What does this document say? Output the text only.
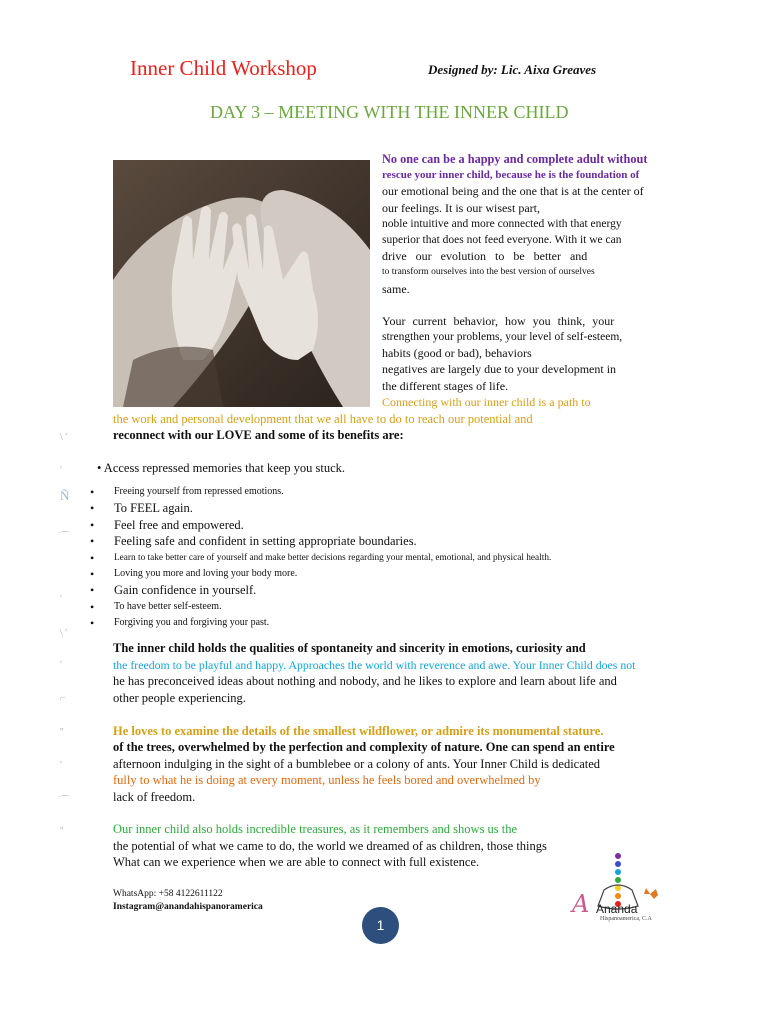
Inner Child Workshop	Designed by: Lic. Aixa Greaves
DAY 3 – MEETING WITH THE INNER CHILD
No one can be a happy and complete adult without
rescue your inner child, because he is the foundation of
our emotional being and the one that is at the center of
our feelings. It is our wisest part,
noble intuitive and more connected with that energy
superior that does not feed everyone. With it we can
drive our evolution to be better and
to transform ourselves into the best version of ourselves
same.
Your current behavior, how you think, your
strengthen your problems, your level of self-esteem,
habits (good or bad), behaviors
negatives are largely due to your development in
the different stages of life.
Connecting with our inner child is a path to
the work and personal development that we all have to do to reach our potential and
reconnect with our LOVE and some of its benefits are:
\ '
'
Ñ
⌒
'
\ '
'
⌐
''
'
⌒
''
• Access repressed memories that keep you stuck.
• Freeing yourself from repressed emotions.
• To FEEL again.
• Feel free and empowered.
• Feeling safe and confident in setting appropriate boundaries.
• Learn to take better care of yourself and make better decisions regarding your mental, emotional, and physical health.
• Loving you more and loving your body more.
• Gain confidence in yourself.
• To have better self-esteem.
• Forgiving you and forgiving your past.
The inner child holds the qualities of spontaneity and sincerity in emotions, curiosity and
the freedom to be playful and happy. Approaches the world with reverence and awe. Your Inner Child does not
he has preconceived ideas about nothing and nobody, and he likes to explore and learn about life and
other people experiencing.
He loves to examine the details of the smallest wildflower, or admire its monumental stature.
of the trees, overwhelmed by the perfection and complexity of nature. One can spend an entire
afternoon indulging in the sight of a bumblebee or a colony of ants. Your Inner Child is dedicated
fully to what he is doing at every moment, unless he feels bored and overwhelmed by
lack of freedom.
Our inner child also holds incredible treasures, as it remembers and shows us the
the potential of what we came to do, the world we dreamed of as children, those things
What can we experience when we are able to connect with full existence.
WhatsApp: +58 4122611122
Instagram@anandahispanoramerica
1
A Ananda
Hispanoamerica, C.A
